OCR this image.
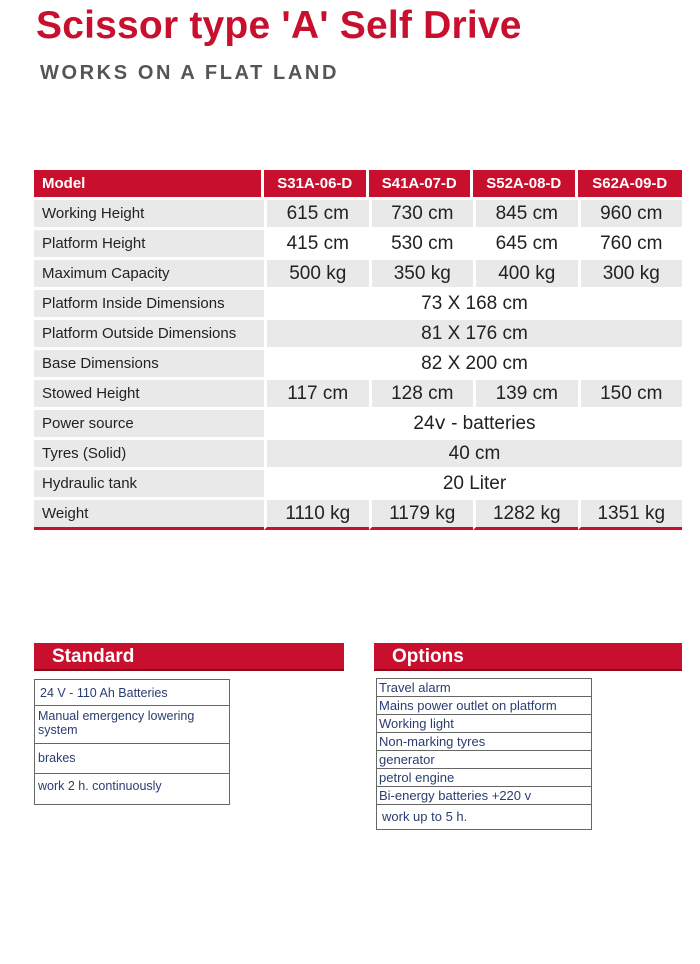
Scissor type 'A' Self Drive
WORKS ON A FLAT LAND
Model	S31A-06-D	S41A-07-D	S52A-08-D	S62A-09-D
Working Height	615 cm	730 cm	845 cm	960 cm
Platform Height	415 cm	530 cm	645 cm	760 cm
Maximum Capacity	500 kg	350 kg	400 kg	300 kg
Platform Inside Dimensions	73 X 168 cm			
Platform Outside Dimensions	81 X 176 cm			
Base Dimensions	82 X 200 cm			
Stowed Height	117 cm	128 cm	139 cm	150 cm
Power source	24ⅴ - batteries			
Tyres (Solid)	40 cm			
Hydraulic tank	20 Liter			
Weight	1110 kg	1179 kg	1282 kg	1351 kg
Standard	Options
24 V - 110 Ah Batteries
Manual emergency lowering system
brakes
work 2 h. continuously
Travel alarm
Mains power outlet on platform
Working light
Non-marking tyres
generator
petrol engine
Bi-energy batteries +220 v
work up to 5 h.
